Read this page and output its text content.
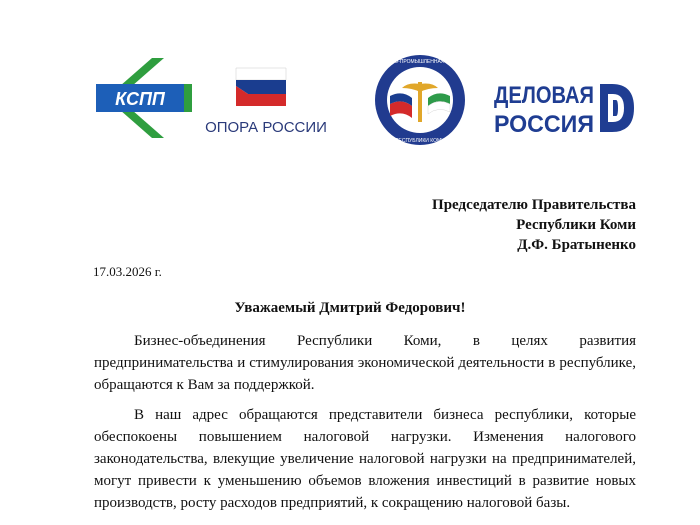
КСПП
ОПОРА РОССИИ
ТОРГОВО-ПРОМЫШЛЕННАЯ ПАЛАТА
РЕСПУБЛИКИ КОМИ
ДЕЛОВАЯ
РОССИЯ
Председателю Правительства
Республики Коми
Д.Ф. Братыненко
17.03.2026 г.
Уважаемый Дмитрий Федорович!

Бизнес-объединения Республики Коми, в целях развития предпринимательства и стимулирования экономической деятельности в республике, обращаются к Вам за поддержкой.

В наш адрес обращаются представители бизнеса республики, которые обеспокоены повышением налоговой нагрузки. Изменения налогового законодательства, влекущие увеличение налоговой нагрузки на предпринимателей, могут привести к уменьшению объемов вложения инвестиций в развитие новых производств, росту расходов предприятий, к сокращению налоговой базы.
